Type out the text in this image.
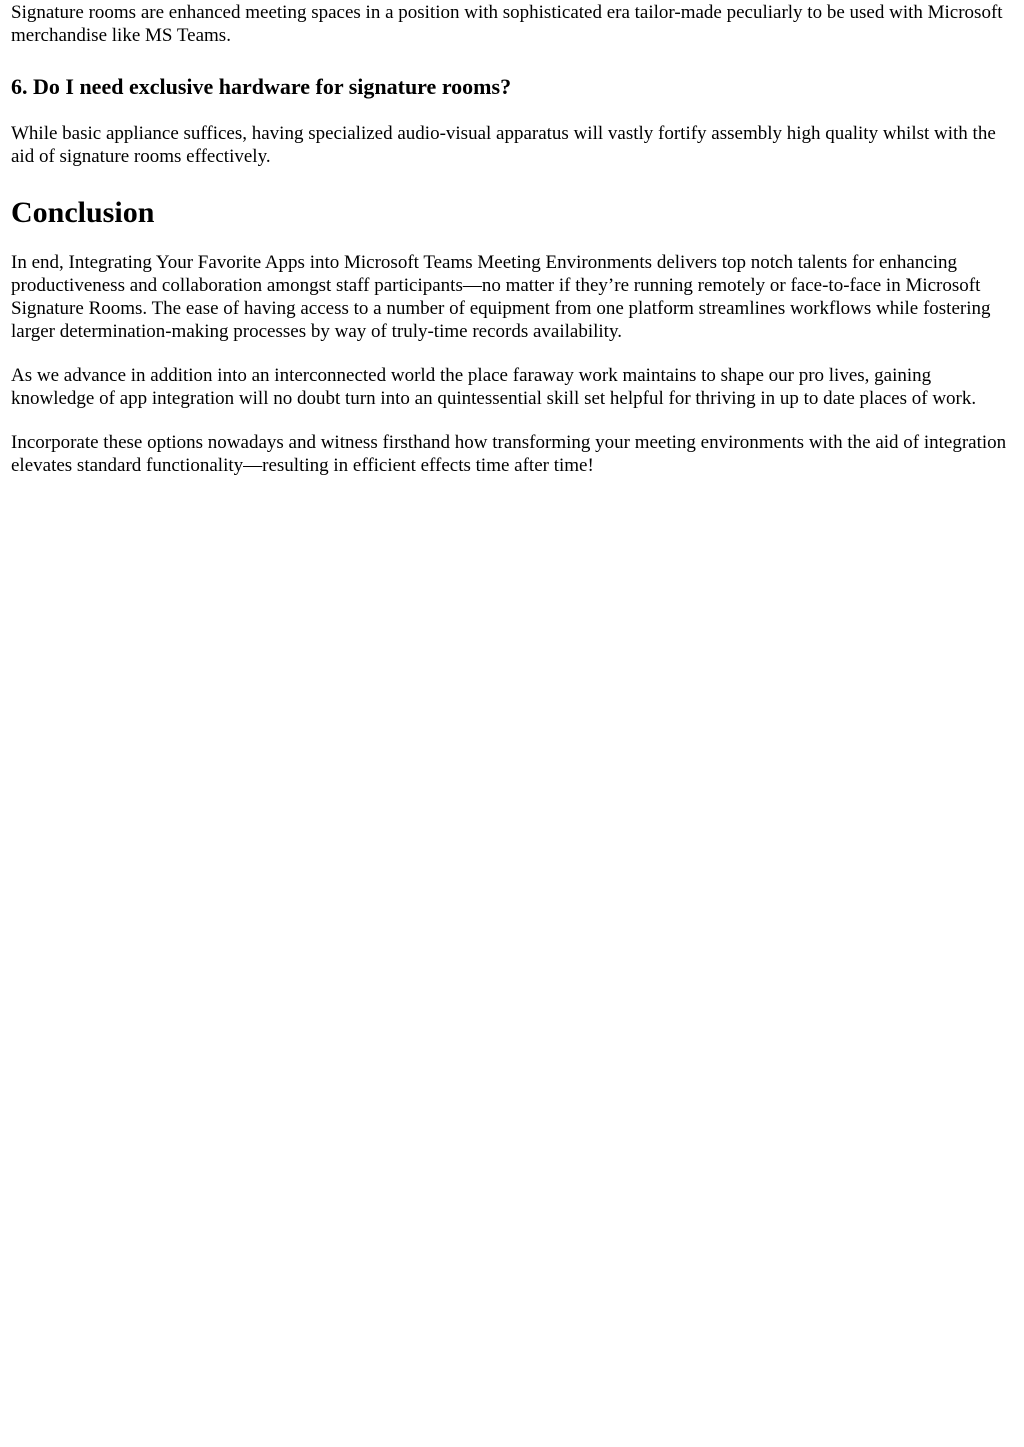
Signature rooms are enhanced meeting spaces in a position with sophisticated era tailor-made peculiarly to be used with Microsoft merchandise like MS Teams.

6. Do I need exclusive hardware for signature rooms?

While basic appliance suffices, having specialized audio-visual apparatus will vastly fortify assembly high quality whilst with the aid of signature rooms effectively.

Conclusion

In end, Integrating Your Favorite Apps into Microsoft Teams Meeting Environments delivers top notch talents for enhancing productiveness and collaboration amongst staff participants—no matter if they’re running remotely or face-to-face in Microsoft Signature Rooms. The ease of having access to a number of equipment from one platform streamlines workflows while fostering larger determination-making processes by way of truly-time records availability.

As we advance in addition into an interconnected world the place faraway work maintains to shape our pro lives, gaining knowledge of app integration will no doubt turn into an quintessential skill set helpful for thriving in up to date places of work.

Incorporate these options nowadays and witness firsthand how transforming your meeting environments with the aid of integration elevates standard functionality—resulting in efficient effects time after time!
